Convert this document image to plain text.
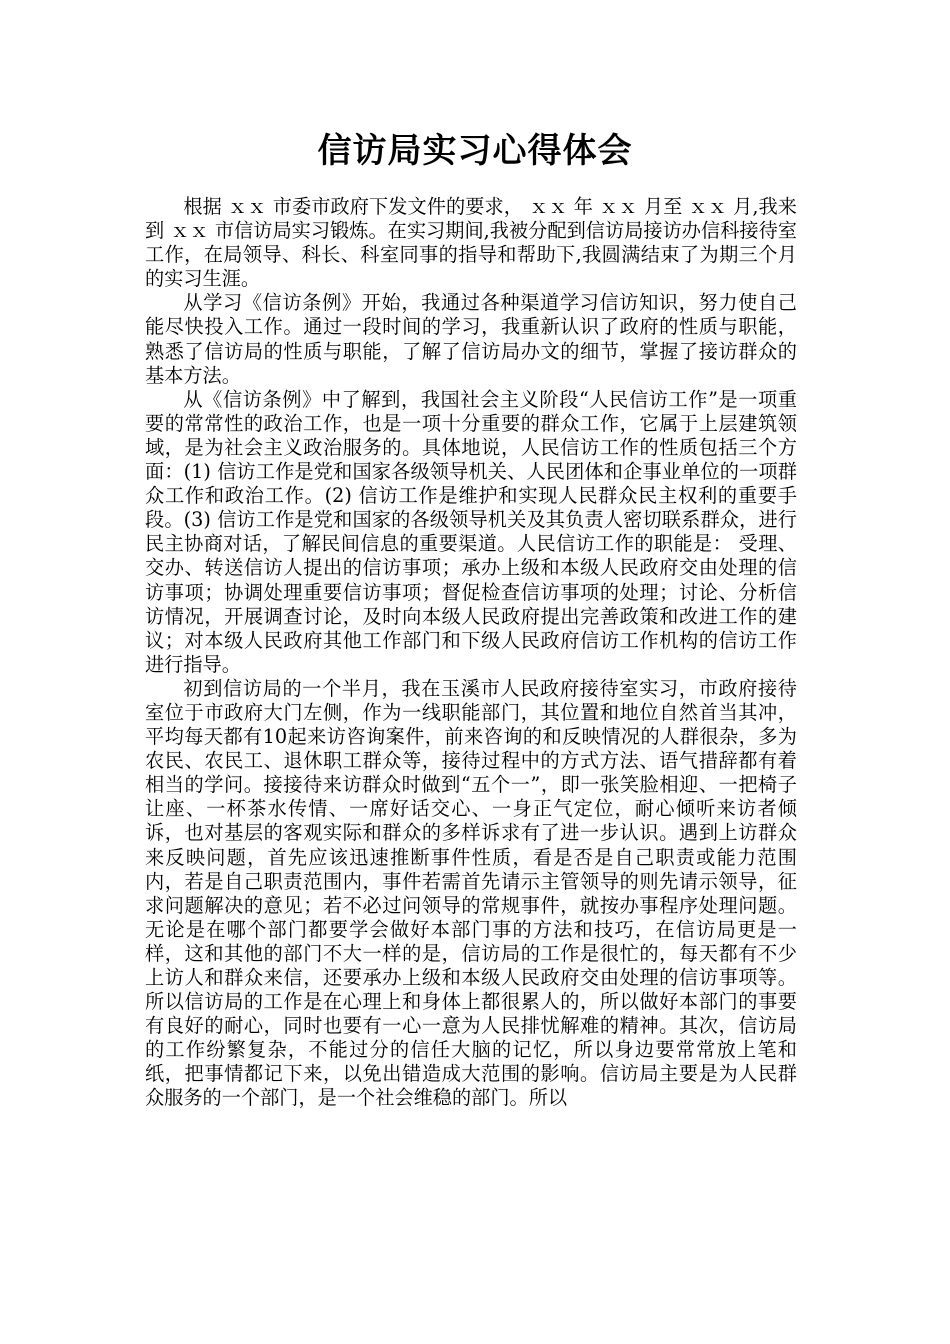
信访局实习心得体会

根据 ｘｘ 市委市政府下发文件的要求， ｘｘ 年 ｘｘ 月至 ｘｘ 月,我来到 ｘｘ 市信访局实习锻炼。在实习期间,我被分配到信访局接访办信科接待室工作，在局领导、科长、科室同事的指导和帮助下,我圆满结束了为期三个月的实习生涯。

从学习《信访条例》开始，我通过各种渠道学习信访知识，努力使自己能尽快投入工作。通过一段时间的学习，我重新认识了政府的性质与职能，熟悉了信访局的性质与职能，了解了信访局办文的细节，掌握了接访群众的基本方法。

从《信访条例》中了解到，我国社会主义阶段“人民信访工作”是一项重要的常常性的政治工作，也是一项十分重要的群众工作，它属于上层建筑领域，是为社会主义政治服务的。具体地说，人民信访工作的性质包括三个方面：(1) 信访工作是党和国家各级领导机关、人民团体和企事业单位的一项群众工作和政治工作。(2) 信访工作是维护和实现人民群众民主权利的重要手段。(3) 信访工作是党和国家的各级领导机关及其负责人密切联系群众，进行民主协商对话，了解民间信息的重要渠道。人民信访工作的职能是： 受理、交办、转送信访人提出的信访事项；承办上级和本级人民政府交由处理的信访事项；协调处理重要信访事项；督促检查信访事项的处理；讨论、分析信访情况，开展调查讨论，及时向本级人民政府提出完善政策和改进工作的建议；对本级人民政府其他工作部门和下级人民政府信访工作机构的信访工作进行指导。

初到信访局的一个半月，我在玉溪市人民政府接待室实习，市政府接待室位于市政府大门左侧，作为一线职能部门，其位置和地位自然首当其冲，平均每天都有10起来访咨询案件，前来咨询的和反映情况的人群很杂，多为农民、农民工、退休职工群众等，接待过程中的方式方法、语气措辞都有着相当的学问。接接待来访群众时做到“五个一”，即一张笑脸相迎、一把椅子让座、一杯茶水传情、一席好话交心、一身正气定位，耐心倾听来访者倾诉，也对基层的客观实际和群众的多样诉求有了进一步认识。遇到上访群众来反映问题，首先应该迅速推断事件性质，看是否是自己职责或能力范围内，若是自己职责范围内，事件若需首先请示主管领导的则先请示领导，征求问题解决的意见；若不必过问领导的常规事件，就按办事程序处理问题。无论是在哪个部门都要学会做好本部门事的方法和技巧，在信访局更是一样，这和其他的部门不大一样的是，信访局的工作是很忙的，每天都有不少上访人和群众来信，还要承办上级和本级人民政府交由处理的信访事项等。所以信访局的工作是在心理上和身体上都很累人的，所以做好本部门的事要有良好的耐心，同时也要有一心一意为人民排忧解难的精神。其次，信访局的工作纷繁复杂，不能过分的信任大脑的记忆，所以身边要常常放上笔和纸，把事情都记下来，以免出错造成大范围的影响。信访局主要是为人民群众服务的一个部门，是一个社会维稳的部门。所以
